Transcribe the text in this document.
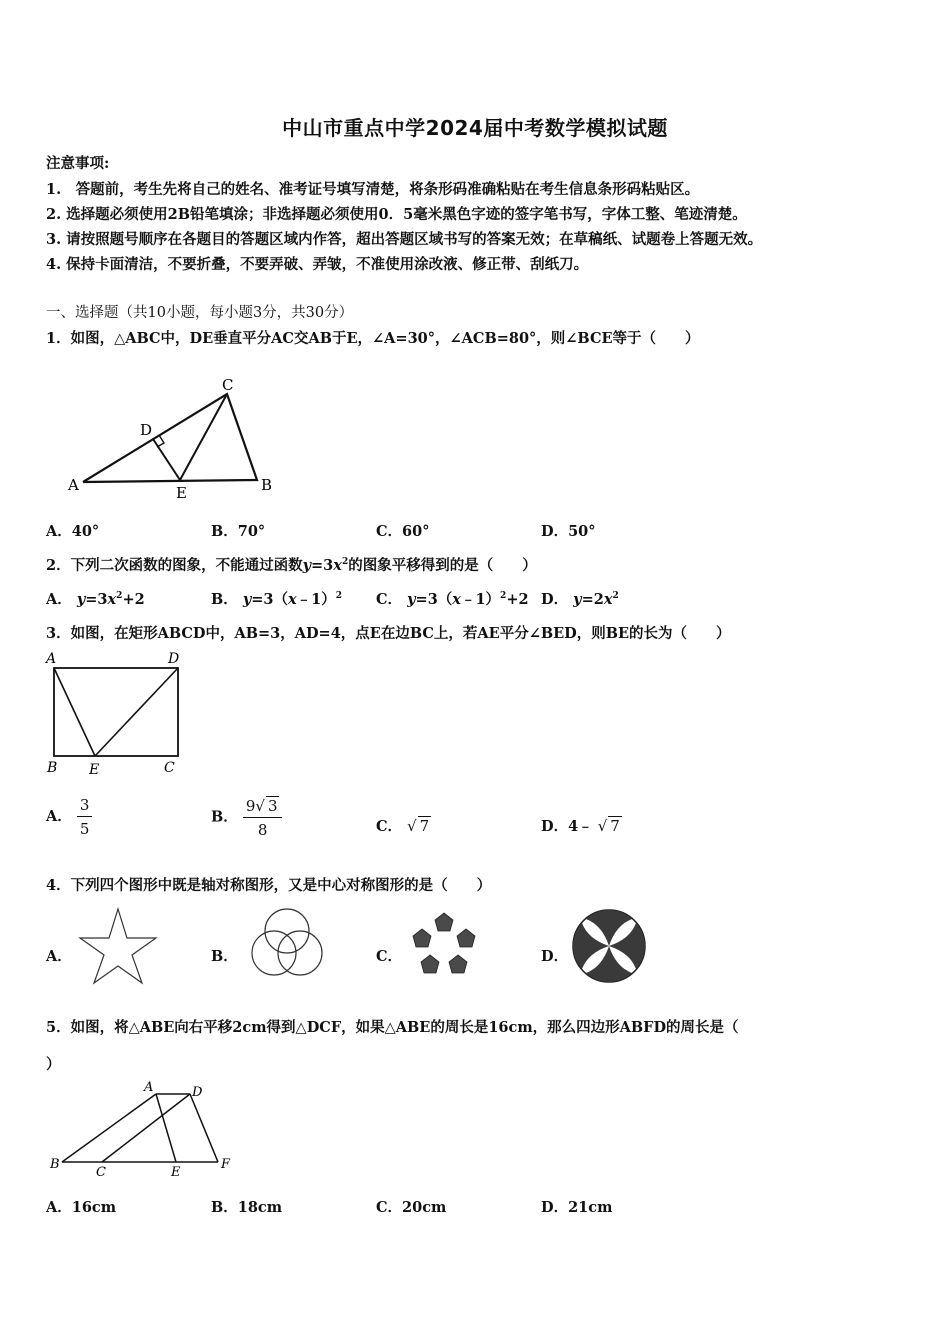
中山市重点中学2024届中考数学模拟试题
注意事项:
1.　答题前，考生先将自己的姓名、准考证号填写清楚，将条形码准确粘贴在考生信息条形码粘贴区。
2. 选择题必须使用2B铅笔填涂；非选择题必须使用0．5毫米黑色字迹的签字笔书写，字体工整、笔迹清楚。
3. 请按照题号顺序在各题目的答题区域内作答，超出答题区域书写的答案无效；在草稿纸、试题卷上答题无效。
4. 保持卡面清洁，不要折叠，不要弄破、弄皱，不准使用涂改液、修正带、刮纸刀。
一、选择题（共10小题，每小题3分，共30分）
1．如图，△ABC中，DE垂直平分AC交AB于E，∠A=30°，∠ACB=80°，则∠BCE等于（　　）
A
C
D
E	B
A．40°	B．70°	C．60°	D．50°
2．下列二次函数的图象，不能通过函数$y=3x^2$的图象平移得到的是（　　）
A． $y=3x^2+2$	B． y=3（x﹣1）$^2$ C． y=3（x﹣1）$^2$+2 D． $y=2x^2$
3．如图，在矩形ABCD中，AB=3，AD=4，点E在边BC上，若AE平分∠BED，则BE的长为（　　）
A	D
B E	C
A． $\frac{3}{5}$	B． $\frac{9√ 3}{8}$	C． √ 7	D．4﹣ √ 7
4．下列四个图形中既是轴对称图形，又是中心对称图形的是（　　）
A．	B．	C．	D．
5．如图，将△ABE向右平移2cm得到△DCF，如果△ABE的周长是16cm，那么四边形ABFD的周长是（
）
A	D
B
C	E
F
A．16cm	B．18cm	C．20cm	D．21cm
